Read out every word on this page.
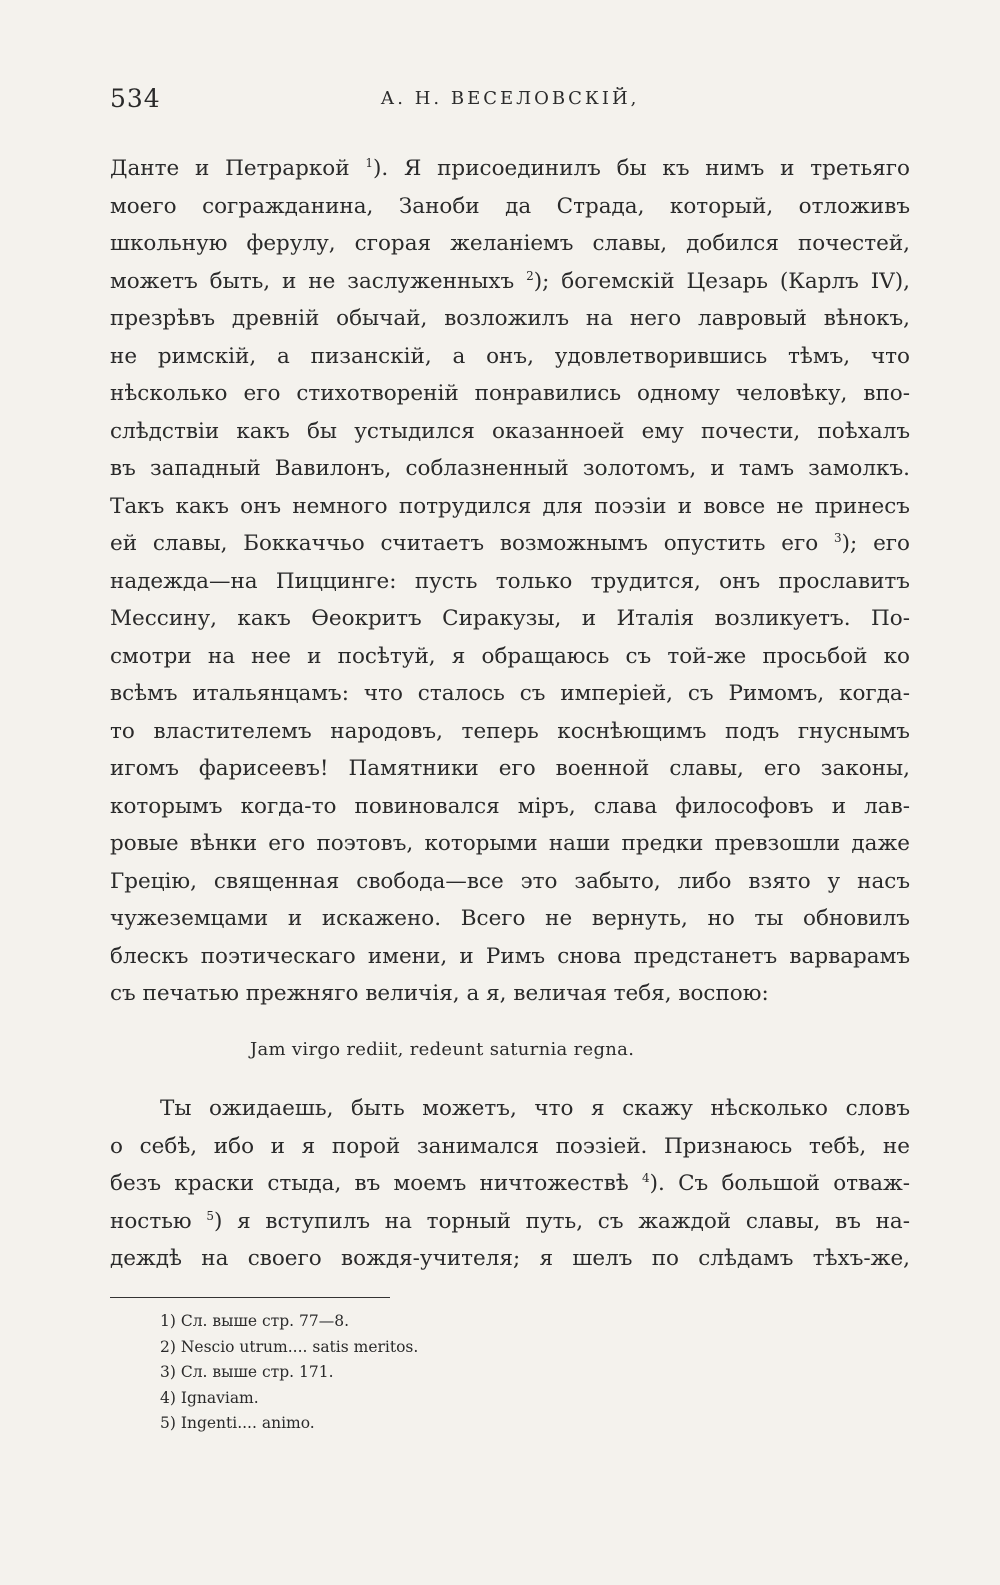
534	А. Н. ВЕСЕЛОВСКІЙ,
Данте и Петраркой $^1$). Я присоединилъ бы къ нимъ и третьяго
моего согражданина, Заноби да Страда, который, отложивъ
школьную ферулу, сгорая желаніемъ славы, добился почестей,
можетъ быть, и не заслуженныхъ $^2$); богемскій Цезарь (Карлъ IV),
презрѣвъ древній обычай, возложилъ на него лавровый вѣнокъ,
не римскій, а пизанскій, а онъ, удовлетворившись тѣмъ, что
нѣсколько его стихотвореній понравились одному человѣку, впо-
слѣдствіи какъ бы устыдился оказанноей ему почести, поѣхалъ
въ западный Вавилонъ, соблазненный золотомъ, и тамъ замолкъ.
Такъ какъ онъ немного потрудился для поэзіи и вовсе не принесъ
ей славы, Боккаччьо считаетъ возможнымъ опустить его $^3$); его
надежда—на Пиццинге: пусть только трудится, онъ прославитъ
Мессину, какъ Ѳеокритъ Сиракузы, и Италія возликуетъ. По-
смотри на нее и посѣтуй, я обращаюсь съ той-же просьбой ко
всѣмъ итальянцамъ: что сталось съ имперіей, съ Римомъ, когда-
то властителемъ народовъ, теперь коснѣющимъ подъ гнуснымъ
игомъ фарисеевъ! Памятники его военной славы, его законы,
которымъ когда-то повиновался міръ, слава философовъ и лав-
ровые вѣнки его поэтовъ, которыми наши предки превзошли даже
Грецію, священная свобода—все это забыто, либо взято у насъ
чужеземцами и искажено. Всего не вернуть, но ты обновилъ
блескъ поэтическаго имени, и Римъ снова предстанетъ варварамъ
съ печатью прежняго величія, а я, величая тебя, воспою:
Jam virgo rediit, redeunt saturnia regna.
Ты ожидаешь, быть можетъ, что я скажу нѣсколько словъ
о себѣ, ибо и я порой занимался поэзіей. Признаюсь тебѣ, не
безъ краски стыда, въ моемъ ничтожествѣ $^4$). Съ большой отваж-
ностью $^5$) я вступилъ на торный путь, съ жаждой славы, въ на-
деждѣ на своего вождя-учителя; я шелъ по слѣдамъ тѣхъ-же,
1) Сл. выше стр. 77—8.
2) Nescio utrum.... satis meritos.
3) Сл. выше стр. 171.
4) Ignaviam.
5) Ingenti.... animo.
